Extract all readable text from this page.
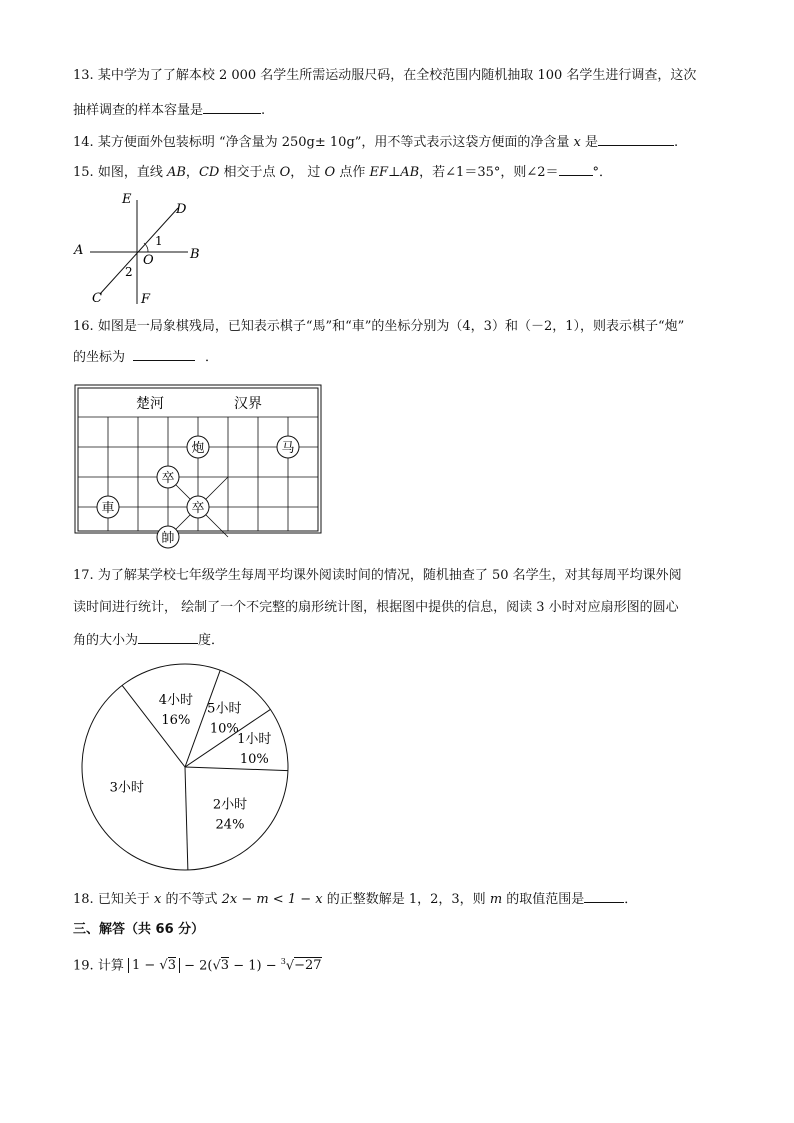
13. 某中学为了了解本校 2 000 名学生所需运动服尺码，在全校范围内随机抽取 100 名学生进行调查，这次
抽样调查的样本容量是	.
14. 某方便面外包装标明 “净含量为 250g± 10g”，用不等式表示这袋方便面的净含量 x 是	.
15. 如图，直线 AB，CD 相交于点 O， 过 O 点作 EF⊥AB，若∠1＝35°，则∠2＝	°．
E
D
A	B
O
1
2
C	F
16. 如图是一局象棋残局，已知表示棋子“馬”和“車”的坐标分别为（4，3）和（－2，1），则表示棋子“炮”
的坐标为	．
楚河	汉界
炮	马
卒
車	卒
帥
17. 为了解某学校七年级学生每周平均课外阅读时间的情况，随机抽查了 50 名学生，对其每周平均课外阅
读时间进行统计， 绘制了一个不完整的扇形统计图，根据图中提供的信息，阅读 3 小时对应扇形图的圆心
角的大小为	度．
4小时
16%
5小时
10%
1小时
10%
2小时
24%
3小时
18. 已知关于 x 的不等式 2x − m < 1 − x 的正整数解是 1，2，3，则 m 的取值范围是	．
三、解答（共 66 分）
19. 计算 1 − √3 − 2(√3 − 1) − $^3$√−27
